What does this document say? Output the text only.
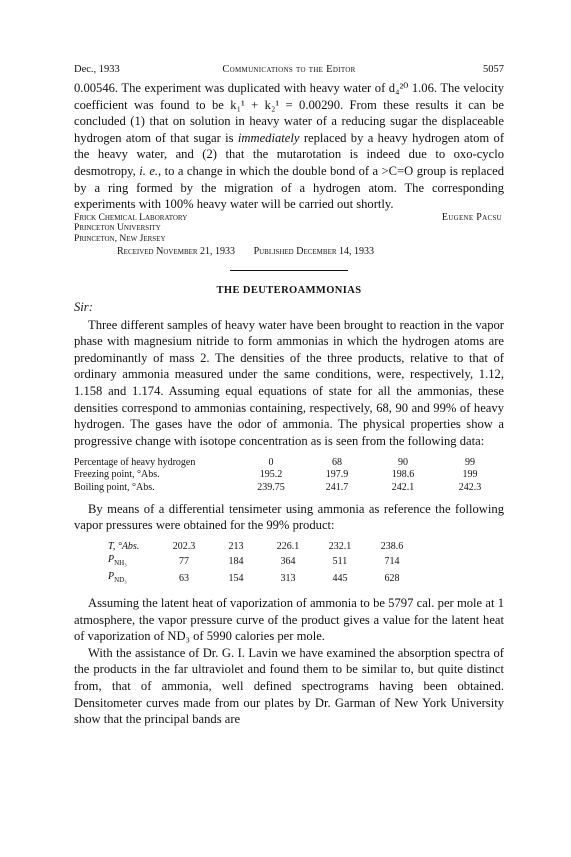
Dec., 1933	Communications to the Editor	5057

0.00546. The experiment was duplicated with heavy water of d₄²⁰ 1.06. The velocity coefficient was found to be k₁¹ + k₂¹ = 0.00290. From these results it can be concluded (1) that on solution in heavy water of a reducing sugar the displaceable hydrogen atom of that sugar is immediately replaced by a heavy hydrogen atom of the heavy water, and (2) that the mutarotation is indeed due to oxo-cyclo desmotropy, i. e., to a change in which the double bond of a >C=O group is replaced by a ring formed by the migration of a hydrogen atom. The corresponding experiments with 100% heavy water will be carried out shortly.

Frick Chemical Laboratory
Princeton University
Princeton, New Jersey
Eugene Pacsu
Received November 21, 1933 Published December 14, 1933
THE DEUTEROAMMONIAS
Sir:

Three different samples of heavy water have been brought to reaction in the vapor phase with magnesium nitride to form ammonias in which the hydrogen atoms are predominantly of mass 2. The densities of the three products, relative to that of ordinary ammonia measured under the same conditions, were, respectively, 1.12, 1.158 and 1.174. Assuming equal equations of state for all the ammonias, these densities correspond to ammonias containing, respectively, 68, 90 and 99% of heavy hydrogen. The gases have the odor of ammonia. The physical properties show a progressive change with isotope concentration as is seen from the following data:

Percentage of heavy hydrogen	0	68	90	99
Freezing point, °Abs.	195.2	197.9	198.6	199
Boiling point, °Abs.	239.75	241.7	242.1	242.3

By means of a differential tensimeter using ammonia as reference the following vapor pressures were obtained for the 99% product:

T, °Abs.	202.3	213	226.1	232.1	238.6
$P_{NH_3}$	77	184	364	511	714
$P_{ND_3}$	63	154	313	445	628

Assuming the latent heat of vaporization of ammonia to be 5797 cal. per mole at 1 atmosphere, the vapor pressure curve of the product gives a value for the latent heat of vaporization of ND₃ of 5990 calories per mole.

With the assistance of Dr. G. I. Lavin we have examined the absorption spectra of the products in the far ultraviolet and found them to be similar to, but quite distinct from, that of ammonia, well defined spectrograms having been obtained. Densitometer curves made from our plates by Dr. Garman of New York University show that the principal bands are
